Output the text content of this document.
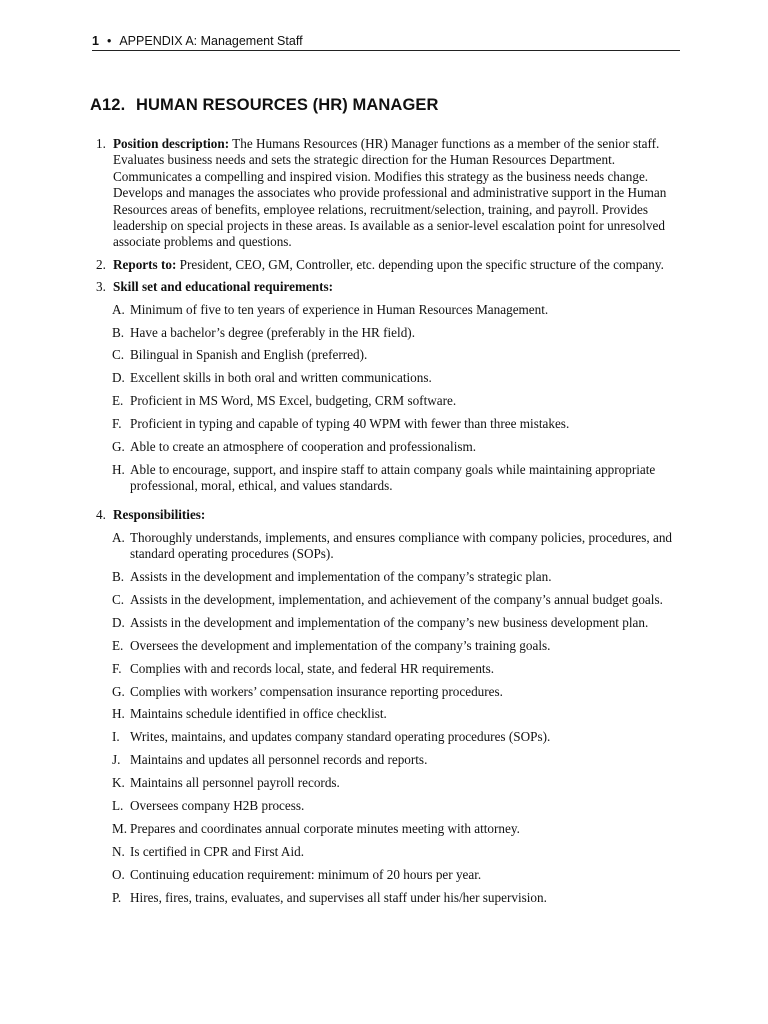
1 • APPENDIX A: Management Staff
A12. HUMAN RESOURCES (HR) MANAGER
1. Position description: The Humans Resources (HR) Manager functions as a member of the senior staff. Evaluates business needs and sets the strategic direction for the Human Resources Department. Communicates a compelling and inspired vision. Modifies this strategy as the business needs change. Develops and manages the associates who provide professional and administrative support in the Human Resources areas of benefits, employee relations, recruitment/selection, training, and payroll. Provides leadership on special projects in these areas. Is available as a senior-level escalation point for unresolved associate problems and questions.
2. Reports to: President, CEO, GM, Controller, etc. depending upon the specific structure of the company.
3. Skill set and educational requirements:
A. Minimum of five to ten years of experience in Human Resources Management.
B. Have a bachelor’s degree (preferably in the HR field).
C. Bilingual in Spanish and English (preferred).
D. Excellent skills in both oral and written communications.
E. Proficient in MS Word, MS Excel, budgeting, CRM software.
F. Proficient in typing and capable of typing 40 WPM with fewer than three mistakes.
G. Able to create an atmosphere of cooperation and professionalism.
H. Able to encourage, support, and inspire staff to attain company goals while maintaining appropriate professional, moral, ethical, and values standards.
4. Responsibilities:
A. Thoroughly understands, implements, and ensures compliance with company policies, procedures, and standard operating procedures (SOPs).
B. Assists in the development and implementation of the company’s strategic plan.
C. Assists in the development, implementation, and achievement of the company’s annual budget goals.
D. Assists in the development and implementation of the company’s new business development plan.
E. Oversees the development and implementation of the company’s training goals.
F. Complies with and records local, state, and federal HR requirements.
G. Complies with workers’ compensation insurance reporting procedures.
H. Maintains schedule identified in office checklist.
I. Writes, maintains, and updates company standard operating procedures (SOPs).
J. Maintains and updates all personnel records and reports.
K. Maintains all personnel payroll records.
L. Oversees company H2B process.
M. Prepares and coordinates annual corporate minutes meeting with attorney.
N. Is certified in CPR and First Aid.
O. Continuing education requirement: minimum of 20 hours per year.
P. Hires, fires, trains, evaluates, and supervises all staff under his/her supervision.
